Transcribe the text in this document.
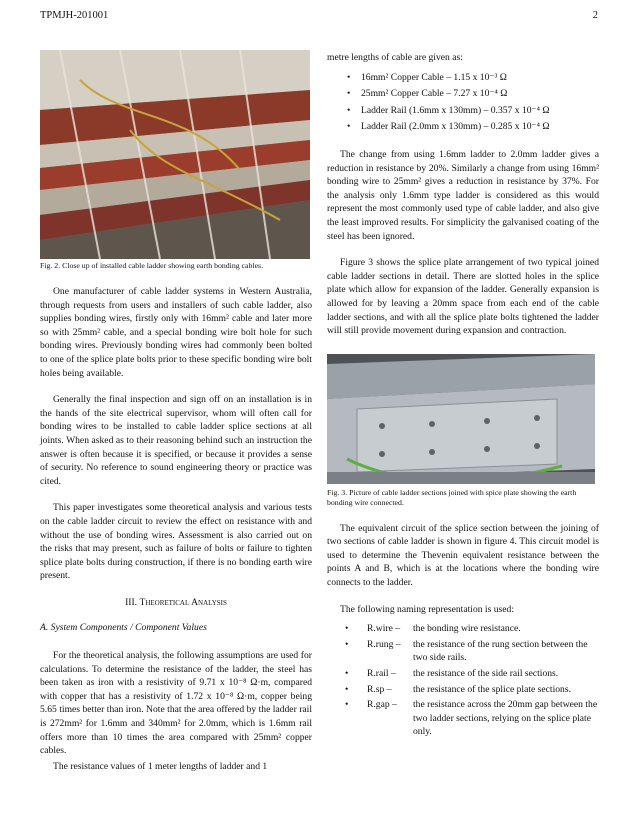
TPMJH-201001	2
Fig. 2. Close up of installed cable ladder showing earth bonding cables.

One manufacturer of cable ladder systems in Western Australia, through requests from users and installers of such cable ladder, also supplies bonding wires, firstly only with 16mm² cable and later more so with 25mm² cable, and a special bonding wire bolt hole for such bonding wires. Previously bonding wires had commonly been bolted to one of the splice plate bolts prior to these specific bonding wire bolt holes being available.

Generally the final inspection and sign off on an installation is in the hands of the site electrical supervisor, whom will often call for bonding wires to be installed to cable ladder splice sections at all joints. When asked as to their reasoning behind such an instruction the answer is often because it is specified, or because it provides a sense of security. No reference to sound engineering theory or practice was cited.

This paper investigates some theoretical analysis and various tests on the cable ladder circuit to review the effect on resistance with and without the use of bonding wires. Assessment is also carried out on the risks that may present, such as failure of bolts or failure to tighten splice plate bolts during construction, if there is no bonding earth wire present.

III. Theoretical Analysis
A. System Components / Component Values

For the theoretical analysis, the following assumptions are used for calculations. To determine the resistance of the ladder, the steel has been taken as iron with a resistivity of 9.71 x 10⁻⁸ Ω·m, compared with copper that has a resistivity of 1.72 x 10⁻⁸ Ω·m, copper being 5.65 times better than iron. Note that the area offered by the ladder rail is 272mm² for 1.6mm and 340mm² for 2.0mm, which is 1.6mm rail offers more than 10 times the area compared with 25mm² copper cables.

The resistance values of 1 meter lengths of ladder and 1

metre lengths of cable are given as:

• 16mm² Copper Cable – 1.15 x 10⁻³ Ω
• 25mm² Copper Cable – 7.27 x 10⁻⁴ Ω
• Ladder Rail (1.6mm x 130mm) – 0.357 x 10⁻⁴ Ω
• Ladder Rail (2.0mm x 130mm) – 0.285 x 10⁻⁴ Ω

The change from using 1.6mm ladder to 2.0mm ladder gives a reduction in resistance by 20%. Similarly a change from using 16mm² bonding wire to 25mm² gives a reduction in resistance by 37%. For the analysis only 1.6mm type ladder is considered as this would represent the most commonly used type of cable ladder, and also give the least improved results. For simplicity the galvanised coating of the steel has been ignored.

Figure 3 shows the splice plate arrangement of two typical joined cable ladder sections in detail. There are slotted holes in the splice plate which allow for expansion of the ladder. Generally expansion is allowed for by leaving a 20mm space from each end of the cable ladder sections, and with all the splice plate bolts tightened the ladder will still provide movement during expansion and contraction.

Fig. 3. Picture of cable ladder sections joined with spice plate showing the earth bonding wire connected.

The equivalent circuit of the splice section between the joining of two sections of cable ladder is shown in figure 4. This circuit model is used to determine the Thevenin equivalent resistance between the points A and B, which is at the locations where the bonding wire connects to the ladder.

The following naming representation is used:

•	R.wire –	the bonding wire resistance.
•	R.rung –	the resistance of the rung section between the two side rails.
•	R.rail –	the resistance of the side rail sections.
•	R.sp –	the resistance of the splice plate sections.
•	R.gap –	the resistance across the 20mm gap between the two ladder sections, relying on the splice plate only.
